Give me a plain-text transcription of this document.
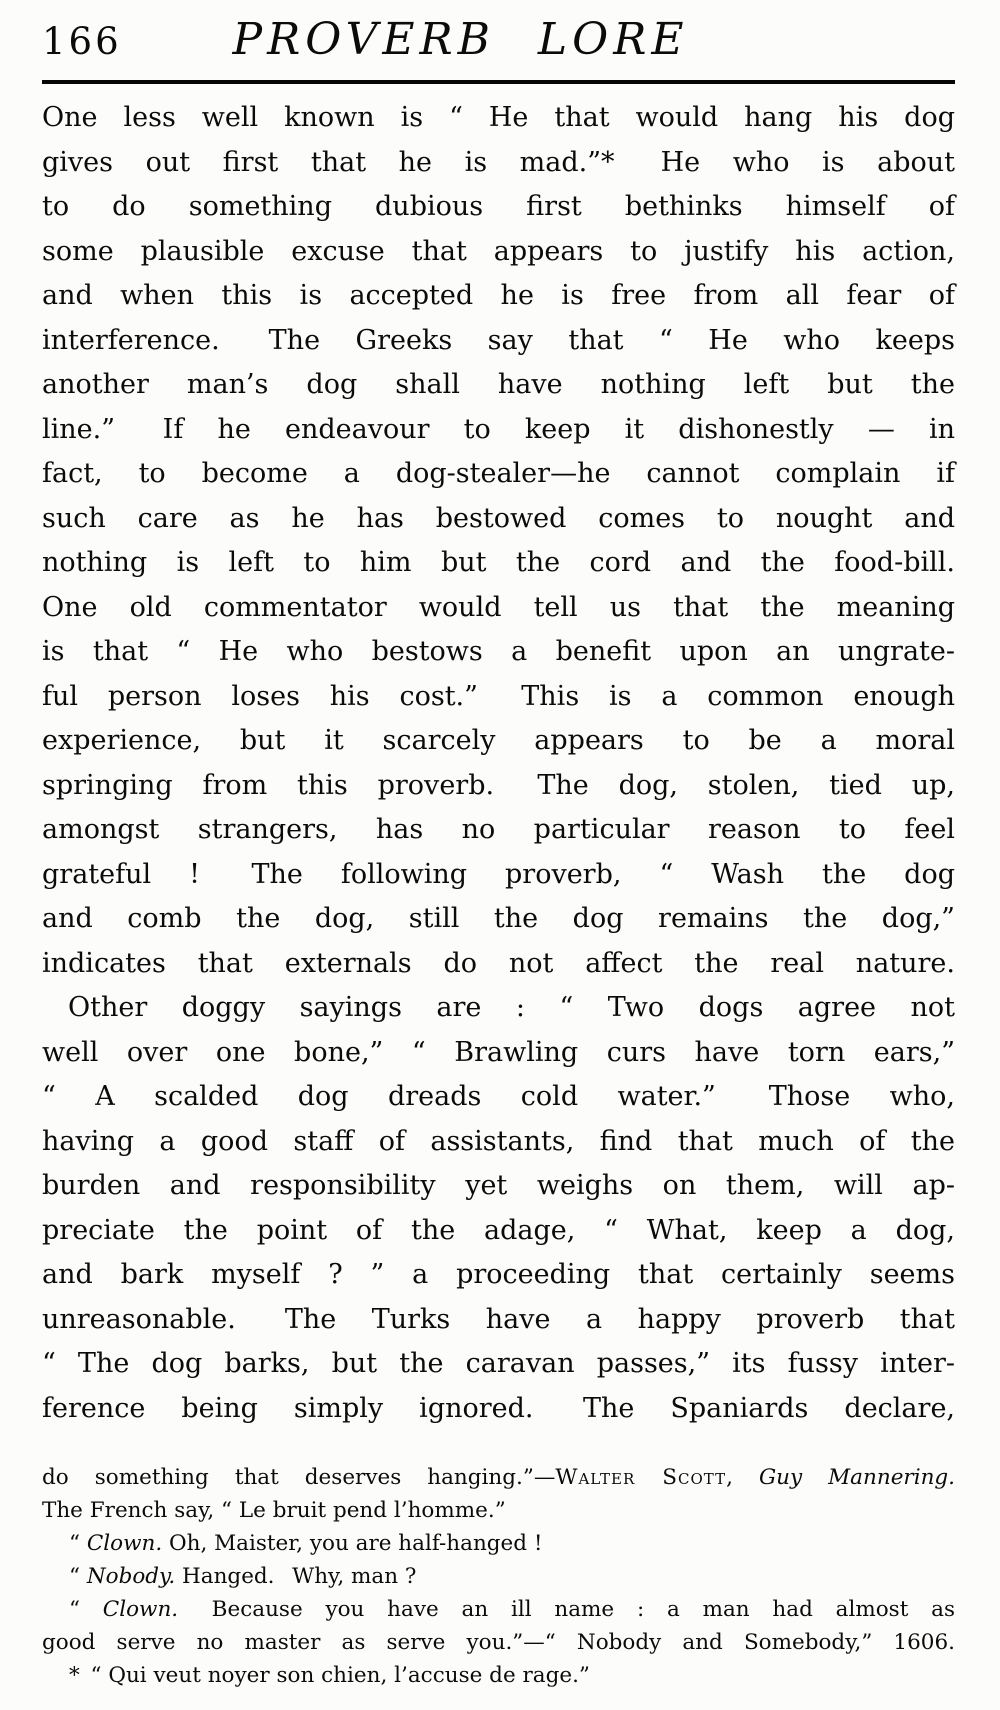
166	PROVERB LORE
One less well known is “ He that would hang his dog
gives out first that he is mad.”*  He who is about
to do something dubious first bethinks himself of
some plausible excuse that appears to justify his action,
and when this is accepted he is free from all fear of
interference.  The Greeks say that “ He who keeps
another man’s dog shall have nothing left but the
line.”  If he endeavour to keep it dishonestly — in
fact, to become a dog-stealer—he cannot complain if
such care as he has bestowed comes to nought and
nothing is left to him but the cord and the food-bill.
One old commentator would tell us that the meaning
is that “ He who bestows a benefit upon an ungrate-
ful person loses his cost.”  This is a common enough
experience, but it scarcely appears to be a moral
springing from this proverb.  The dog, stolen, tied up,
amongst strangers, has no particular reason to feel
grateful !  The following proverb, “ Wash the dog
and comb the dog, still the dog remains the dog,”
indicates that externals do not affect the real nature.
Other doggy sayings are : “ Two dogs agree not
well over one bone,” “ Brawling curs have torn ears,”
“ A scalded dog dreads cold water.”  Those who,
having a good staff of assistants, find that much of the
burden and responsibility yet weighs on them, will ap-
preciate the point of the adage, “ What, keep a dog,
and bark myself ? ” a proceeding that certainly seems
unreasonable.  The Turks have a happy proverb that
“ The dog barks, but the caravan passes,” its fussy inter-
ference being simply ignored.  The Spaniards declare,
do something that deserves hanging.”—Walter Scott, Guy Mannering.
The French say, “ Le bruit pend l’homme.”
“ Clown. Oh, Maister, you are half-hanged !
“ Nobody. Hanged.  Why, man ?
“ Clown.  Because you have an ill name : a man had almost as
good serve no master as serve you.”—“ Nobody and Somebody,” 1606.
* “ Qui veut noyer son chien, l’accuse de rage.”
